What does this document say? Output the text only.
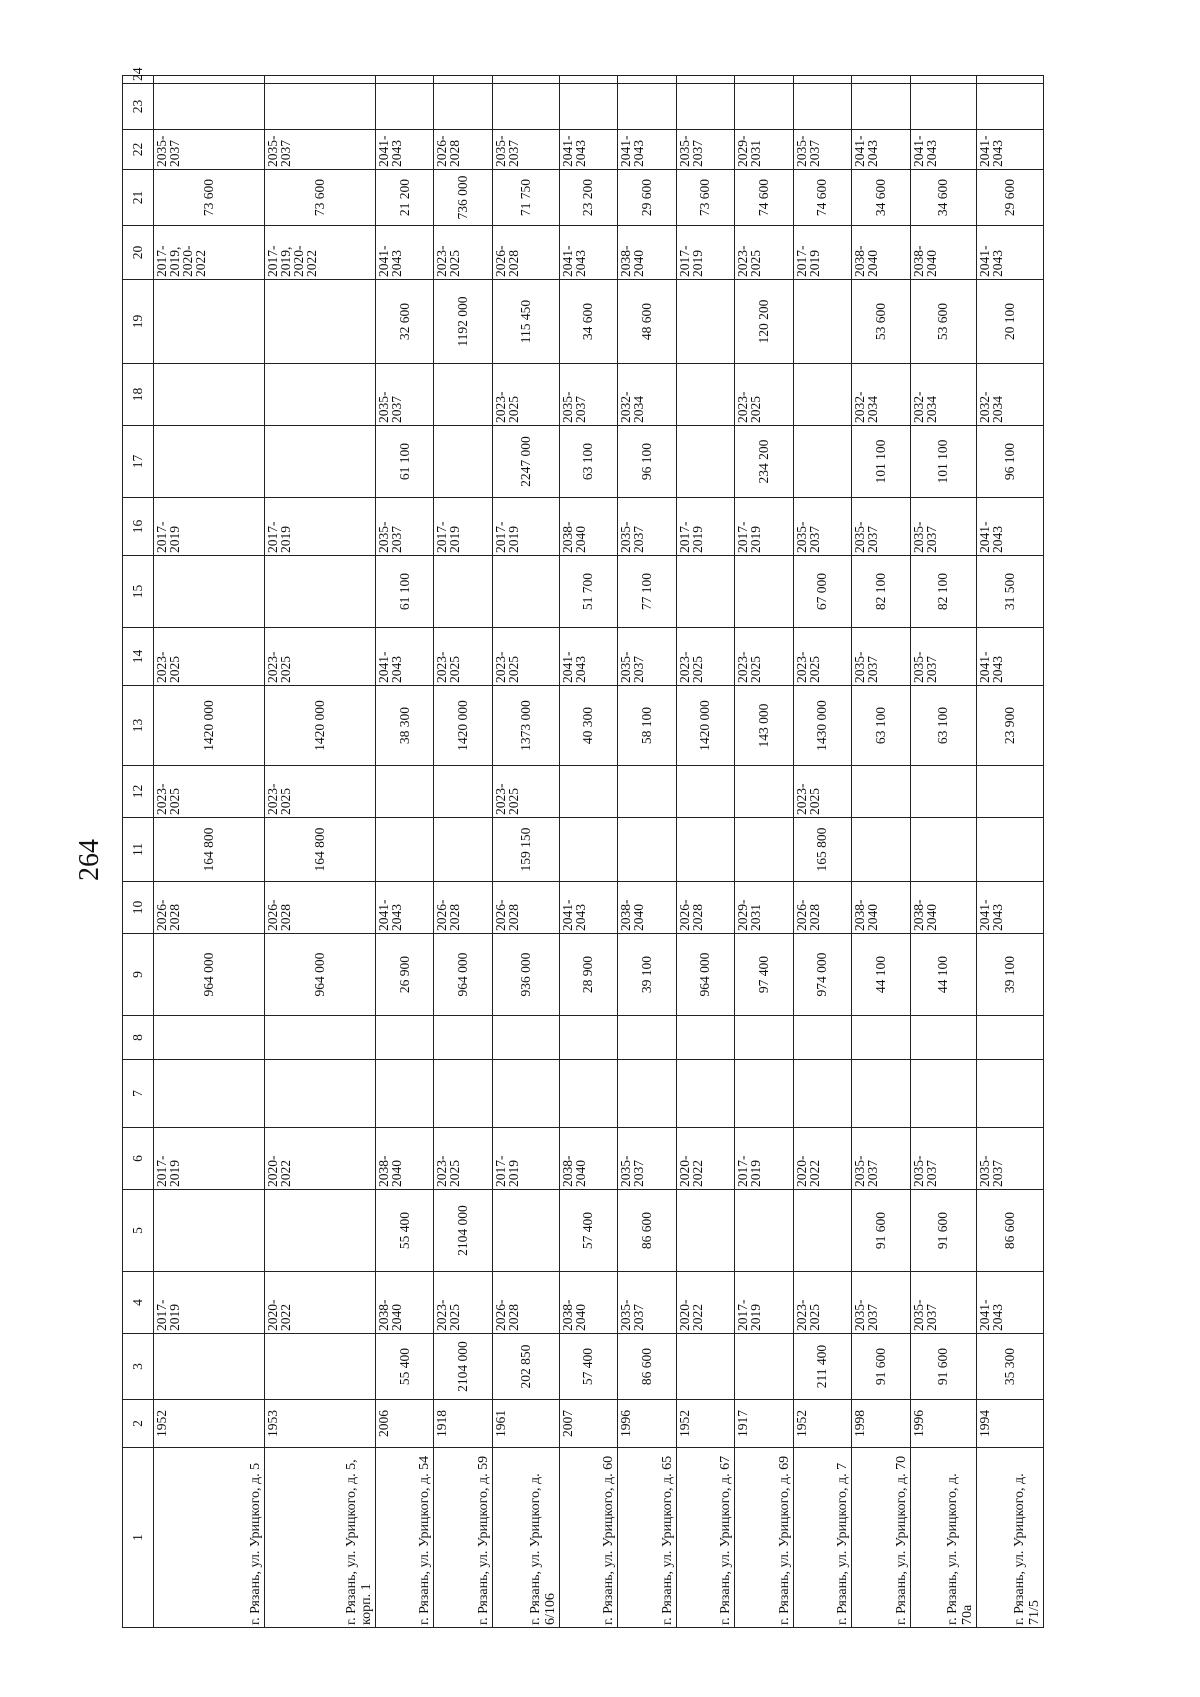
264
1	2	3	4	5	6	7	8	9	10	11	12	13	14	15	16	17	18	19	20	21	22	23	24
г. Рязань, ул. Урицкого, д. 5	1952		2017-2019		2017-2019			964 000	2026-2028	164 800	2023-2025	1420 000	2023-2025		2017-2019				2017-2019, 2020-2022	73 600	2035-2037		
г. Рязань, ул. Урицкого, д. 5, корп. 1	1953		2020-2022		2020-2022			964 000	2026-2028	164 800	2023-2025	1420 000	2023-2025		2017-2019				2017-2019, 2020-2022	73 600	2035-2037		
г. Рязань, ул. Урицкого, д. 54	2006	55 400	2038-2040	55 400	2038-2040			26 900	2041-2043			38 300	2041-2043	61 100	2035-2037	61 100	2035-2037	32 600	2041-2043	21 200	2041-2043		
г. Рязань, ул. Урицкого, д. 59	1918	2104 000	2023-2025	2104 000	2023-2025			964 000	2026-2028			1420 000	2023-2025		2017-2019			1192 000	2023-2025	736 000	2026-2028		
г. Рязань, ул. Урицкого, д. 6/106	1961	202 850	2026-2028		2017-2019			936 000	2026-2028	159 150	2023-2025	1373 000	2023-2025		2017-2019	2247 000	2023-2025	115 450	2026-2028	71 750	2035-2037		
г. Рязань, ул. Урицкого, д. 60	2007	57 400	2038-2040	57 400	2038-2040			28 900	2041-2043			40 300	2041-2043	51 700	2038-2040	63 100	2035-2037	34 600	2041-2043	23 200	2041-2043		
г. Рязань, ул. Урицкого, д. 65	1996	86 600	2035-2037	86 600	2035-2037			39 100	2038-2040			58 100	2035-2037	77 100	2035-2037	96 100	2032-2034	48 600	2038-2040	29 600	2041-2043		
г. Рязань, ул. Урицкого, д. 67	1952		2020-2022		2020-2022			964 000	2026-2028			1420 000	2023-2025		2017-2019				2017-2019	73 600	2035-2037		
г. Рязань, ул. Урицкого, д. 69	1917		2017-2019		2017-2019			97 400	2029-2031			143 000	2023-2025		2017-2019	234 200	2023-2025	120 200	2023-2025	74 600	2029-2031		
г. Рязань, ул. Урицкого, д. 7	1952	211 400	2023-2025		2020-2022			974 000	2026-2028	165 800	2023-2025	1430 000	2023-2025	67 000	2035-2037				2017-2019	74 600	2035-2037		
г. Рязань, ул. Урицкого, д. 70	1998	91 600	2035-2037	91 600	2035-2037			44 100	2038-2040			63 100	2035-2037	82 100	2035-2037	101 100	2032-2034	53 600	2038-2040	34 600	2041-2043		
г. Рязань, ул. Урицкого, д. 70а	1996	91 600	2035-2037	91 600	2035-2037			44 100	2038-2040			63 100	2035-2037	82 100	2035-2037	101 100	2032-2034	53 600	2038-2040	34 600	2041-2043		
г. Рязань, ул. Урицкого, д. 71/5	1994	35 300	2041-2043	86 600	2035-2037			39 100	2041-2043			23 900	2041-2043	31 500	2041-2043	96 100	2032-2034	20 100	2041-2043	29 600	2041-2043		
